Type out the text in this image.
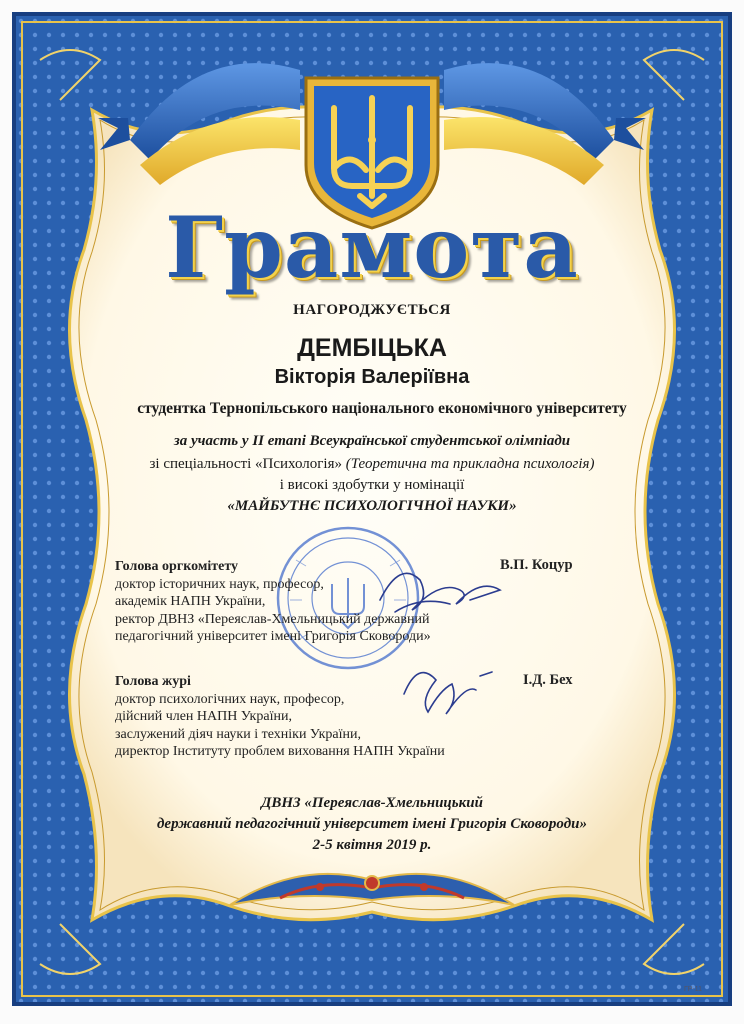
Грамота
НАГОРОДЖУЄТЬСЯ
ДЕМБІЦЬКА
Вікторія Валеріївна
студентка Тернопільського національного економічного університету
за участь у ІІ етапі Всеукраїнської студентської олімпіади
зі спеціальності «Психологія» (Теоретична та прикладна психологія)
і високі здобутки у номінації
«МАЙБУТНЄ ПСИХОЛОГІЧНОЇ НАУКИ»
Голова оргкомітету
доктор історичних наук, професор,
академік НАПН України,
ректор ДВНЗ «Переяслав-Хмельницький державний
педагогічний університет імені Григорія Сковороди»
В.П. Коцур
Голова журі
доктор психологічних наук, професор,
дійсний член НАПН України,
заслужений діяч науки і техніки України,
директор Інституту проблем виховання НАПН України
І.Д. Бех
ДВНЗ «Переяслав-Хмельницький
державний педагогічний університет імені Григорія Сковороди»
2-5 квітня 2019 р.
ГР-11
